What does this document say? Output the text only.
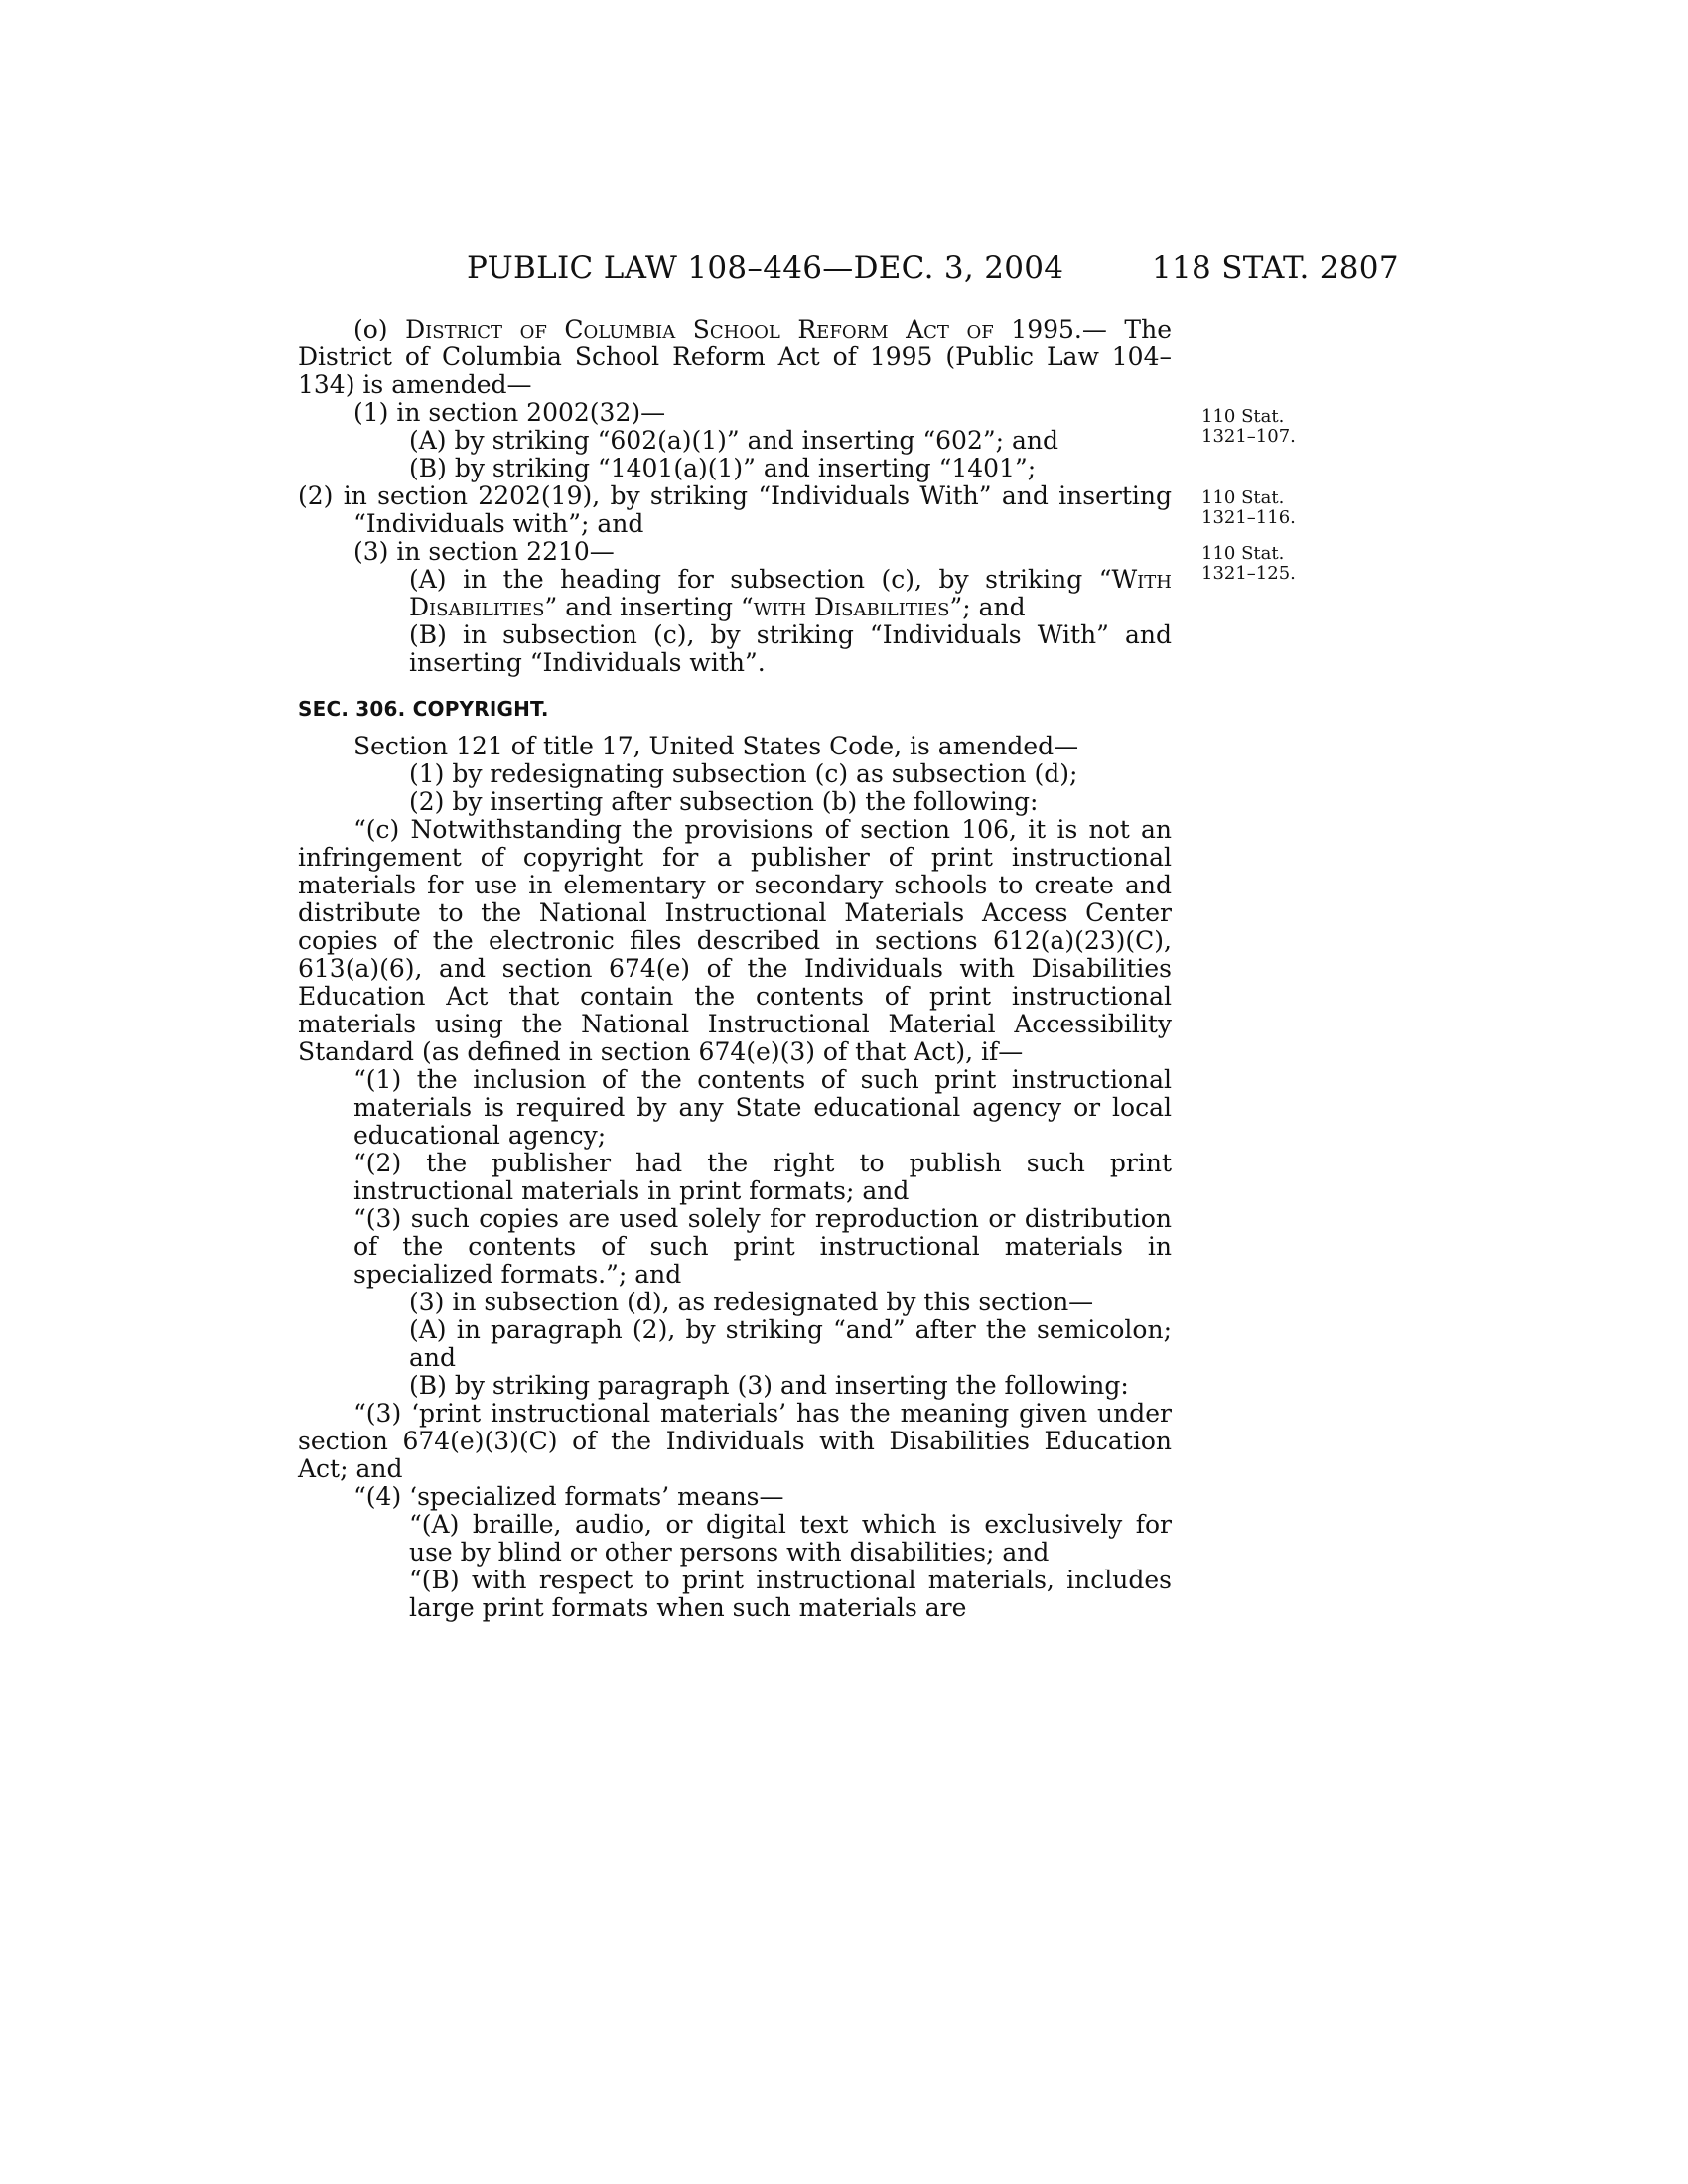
PUBLIC LAW 108–446—DEC. 3, 2004	118 STAT. 2807
110 Stat.
1321–107.
110 Stat.
1321–116.
110 Stat.
1321–125.

(o) District of Columbia School Reform Act of 1995.— The District of Columbia School Reform Act of 1995 (Public Law 104–134) is amended—

(1) in section 2002(32)—

(A) by striking “602(a)(1)” and inserting “602”; and

(B) by striking “1401(a)(1)” and inserting “1401”;

(2) in section 2202(19), by striking “Individuals With” and inserting “Individuals with”; and

(3) in section 2210—

(A) in the heading for subsection (c), by striking “With Disabilities” and inserting “with Disabilities”; and

(B) in subsection (c), by striking “Individuals With” and inserting “Individuals with”.

SEC. 306. COPYRIGHT.

Section 121 of title 17, United States Code, is amended—

(1) by redesignating subsection (c) as subsection (d);

(2) by inserting after subsection (b) the following:

“(c) Notwithstanding the provisions of section 106, it is not an infringement of copyright for a publisher of print instructional materials for use in elementary or secondary schools to create and distribute to the National Instructional Materials Access Center copies of the electronic files described in sections 612(a)(23)(C), 613(a)(6), and section 674(e) of the Individuals with Disabilities Education Act that contain the contents of print instructional materials using the National Instructional Material Accessibility Standard (as defined in section 674(e)(3) of that Act), if—

“(1) the inclusion of the contents of such print instructional materials is required by any State educational agency or local educational agency;

“(2) the publisher had the right to publish such print instructional materials in print formats; and

“(3) such copies are used solely for reproduction or distribution of the contents of such print instructional materials in specialized formats.”; and

(3) in subsection (d), as redesignated by this section—

(A) in paragraph (2), by striking “and” after the semicolon; and

(B) by striking paragraph (3) and inserting the following:

“(3) ‘print instructional materials’ has the meaning given under section 674(e)(3)(C) of the Individuals with Disabilities Education Act; and

“(4) ‘specialized formats’ means—

“(A) braille, audio, or digital text which is exclusively for use by blind or other persons with disabilities; and

“(B) with respect to print instructional materials, includes large print formats when such materials are
